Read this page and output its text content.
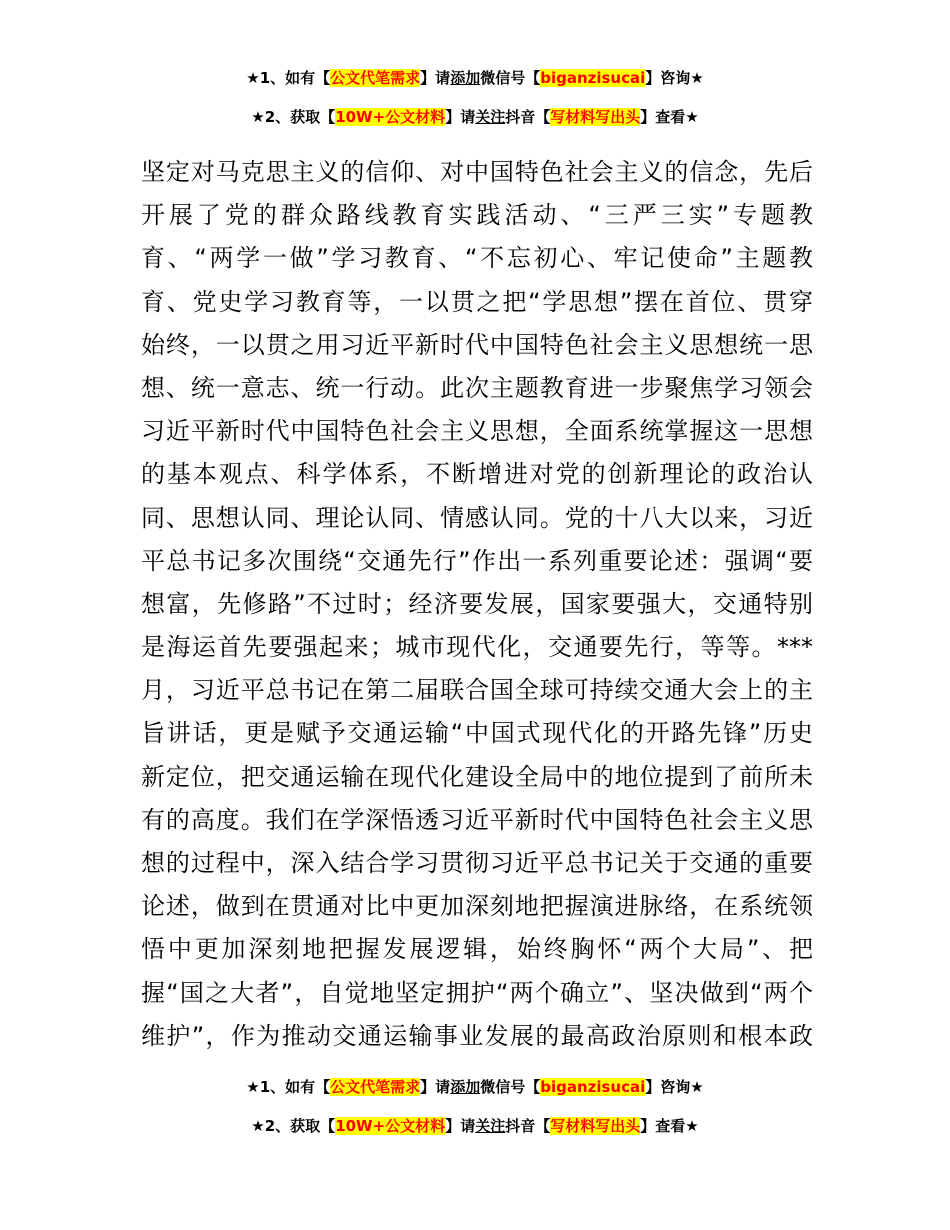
★1、如有【公文代笔需求】请添加微信号【biganzisucai】咨询★
★2、获取【10W+公文材料】请关注抖音【写材料写出头】查看★
坚定对马克思主义的信仰、对中国特色社会主义的信念，先后
开展了党的群众路线教育实践活动、“三严三实”专题教
育、“两学一做”学习教育、“不忘初心、牢记使命”主题教
育、党史学习教育等，一以贯之把“学思想”摆在首位、贯穿
始终，一以贯之用习近平新时代中国特色社会主义思想统一思
想、统一意志、统一行动。此次主题教育进一步聚焦学习领会
习近平新时代中国特色社会主义思想，全面系统掌握这一思想
的基本观点、科学体系，不断增进对党的创新理论的政治认
同、思想认同、理论认同、情感认同。党的十八大以来，习近
平总书记多次围绕“交通先行”作出一系列重要论述：强调“要
想富，先修路”不过时；经济要发展，国家要强大，交通特别
是海运首先要强起来；城市现代化，交通要先行，等等。***
月，习近平总书记在第二届联合国全球可持续交通大会上的主
旨讲话，更是赋予交通运输“中国式现代化的开路先锋”历史
新定位，把交通运输在现代化建设全局中的地位提到了前所未
有的高度。我们在学深悟透习近平新时代中国特色社会主义思
想的过程中，深入结合学习贯彻习近平总书记关于交通的重要
论述，做到在贯通对比中更加深刻地把握演进脉络，在系统领
悟中更加深刻地把握发展逻辑，始终胸怀“两个大局”、把
握“国之大者”，自觉地坚定拥护“两个确立”、坚决做到“两个
维护”，作为推动交通运输事业发展的最高政治原则和根本政
★1、如有【公文代笔需求】请添加微信号【biganzisucai】咨询★
★2、获取【10W+公文材料】请关注抖音【写材料写出头】查看★
